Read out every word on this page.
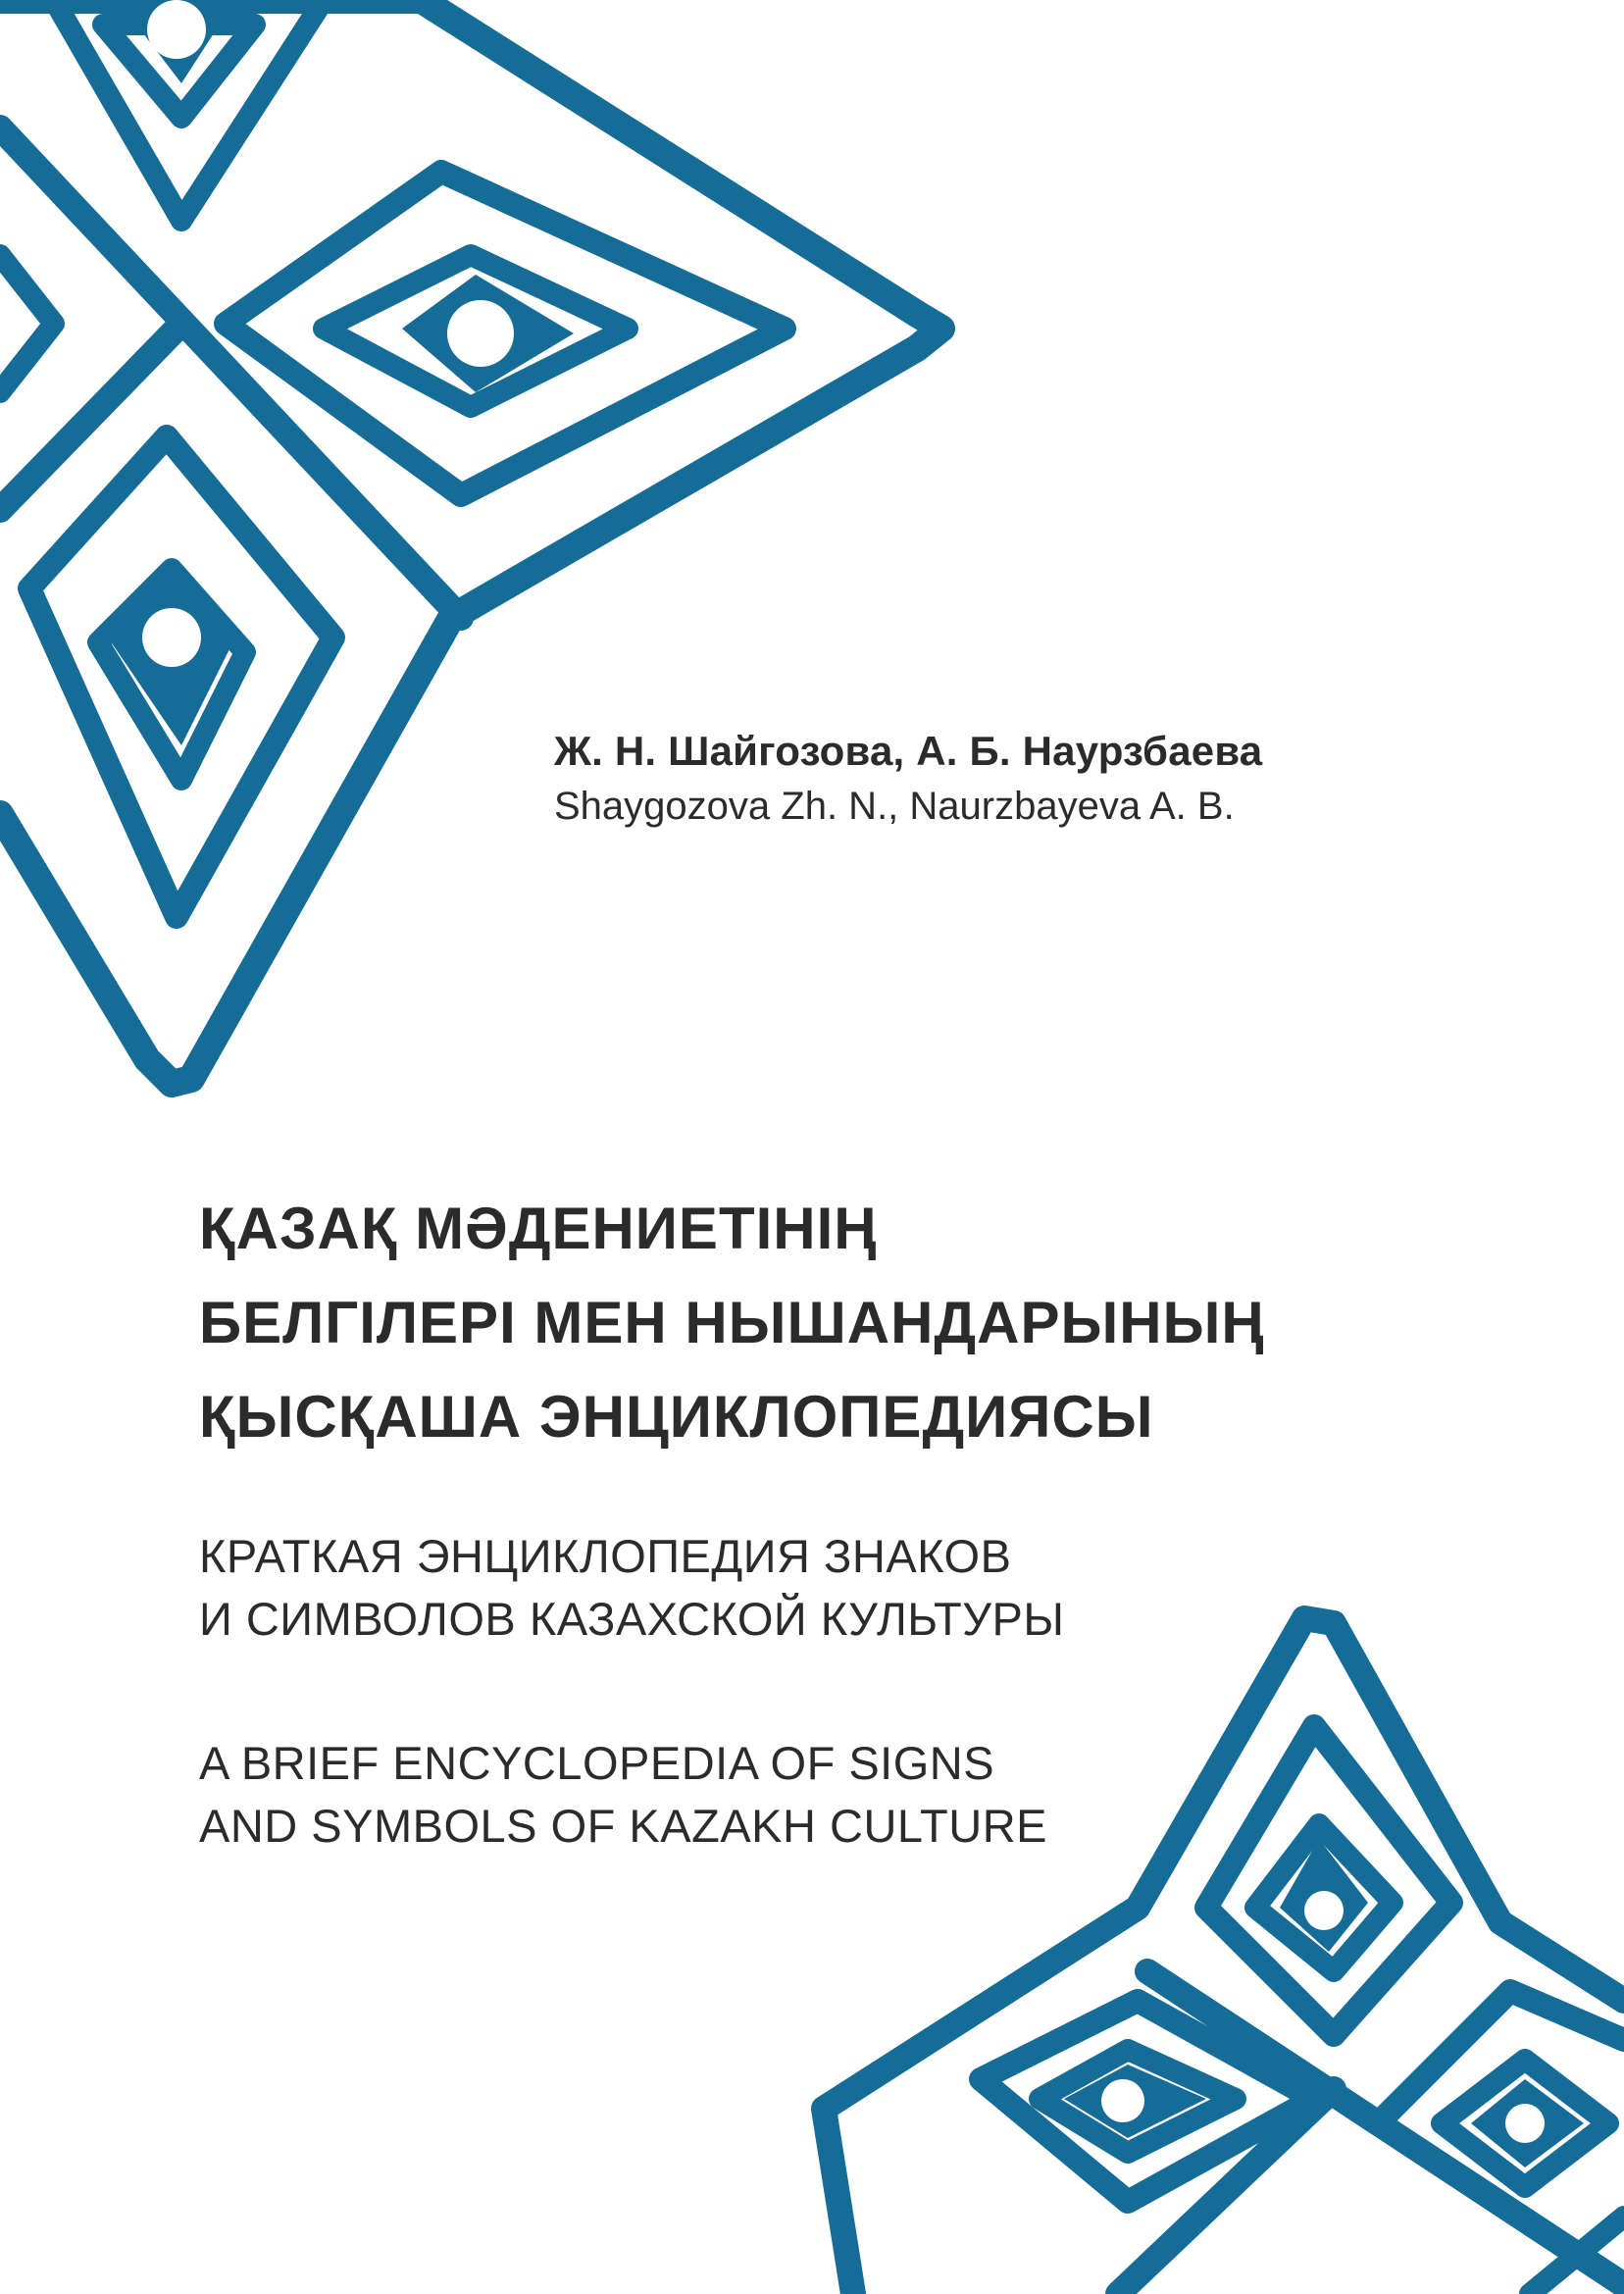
Ж. Н. Шайгозова, А. Б. Наурзбаева
Shaygozova Zh. N., Naurzbayeva A. B.
ҚАЗАҚ МӘДЕНИЕТІНІҢ
БЕЛГІЛЕРІ МЕН НЫШАНДАРЫНЫҢ
ҚЫСҚАША ЭНЦИКЛОПЕДИЯСЫ
КРАТКАЯ ЭНЦИКЛОПЕДИЯ ЗНАКОВ
И СИМВОЛОВ КАЗАХСКОЙ КУЛЬТУРЫ
A BRIEF ENCYCLOPEDIA OF SIGNS
AND SYMBOLS OF KAZAKH CULTURE
